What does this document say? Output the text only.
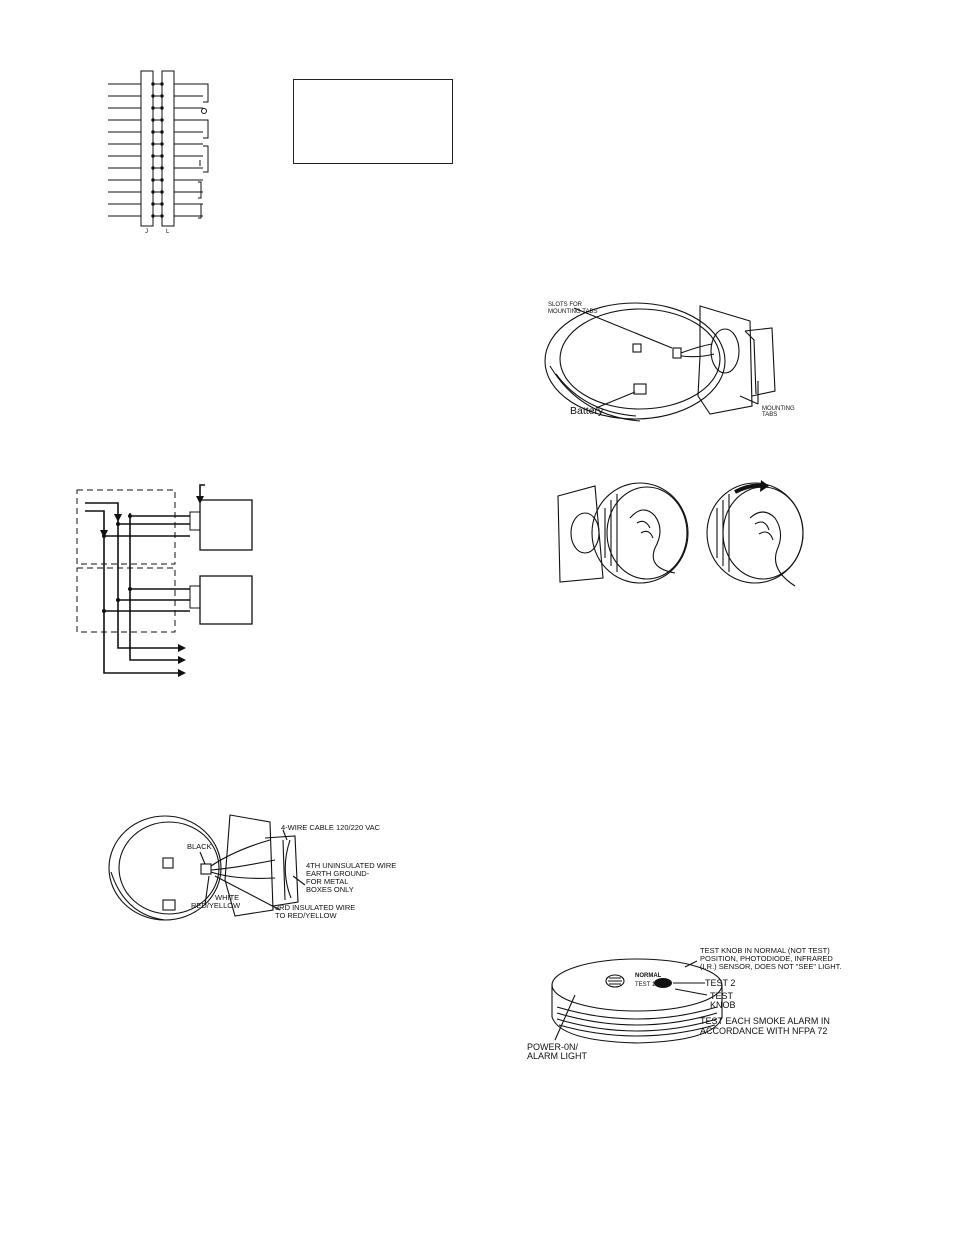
J	L
SLOTS FOR
MOUNTING TABS
Battery	MOUNTING
TABS
4-WIRE CABLE 120/220 VAC
BLACK
4TH UNINSULATED WIRE
EARTH GROUND-
FOR METAL
BOXES ONLY
WHITE
RED/YELLOW	3RD INSULATED WIRE
TO RED/YELLOW
TEST KNOB IN NORMAL (NOT TEST)
POSITION, PHOTODIODE, INFRARED
(I.R.) SENSOR, DOES NOT "SEE" LIGHT.
NORMAL
TEST 1	TEST 2
TEST
KNOB
TEST EACH SMOKE ALARM IN
ACCORDANCE WITH NFPA 72
POWER-0N/
ALARM LIGHT
